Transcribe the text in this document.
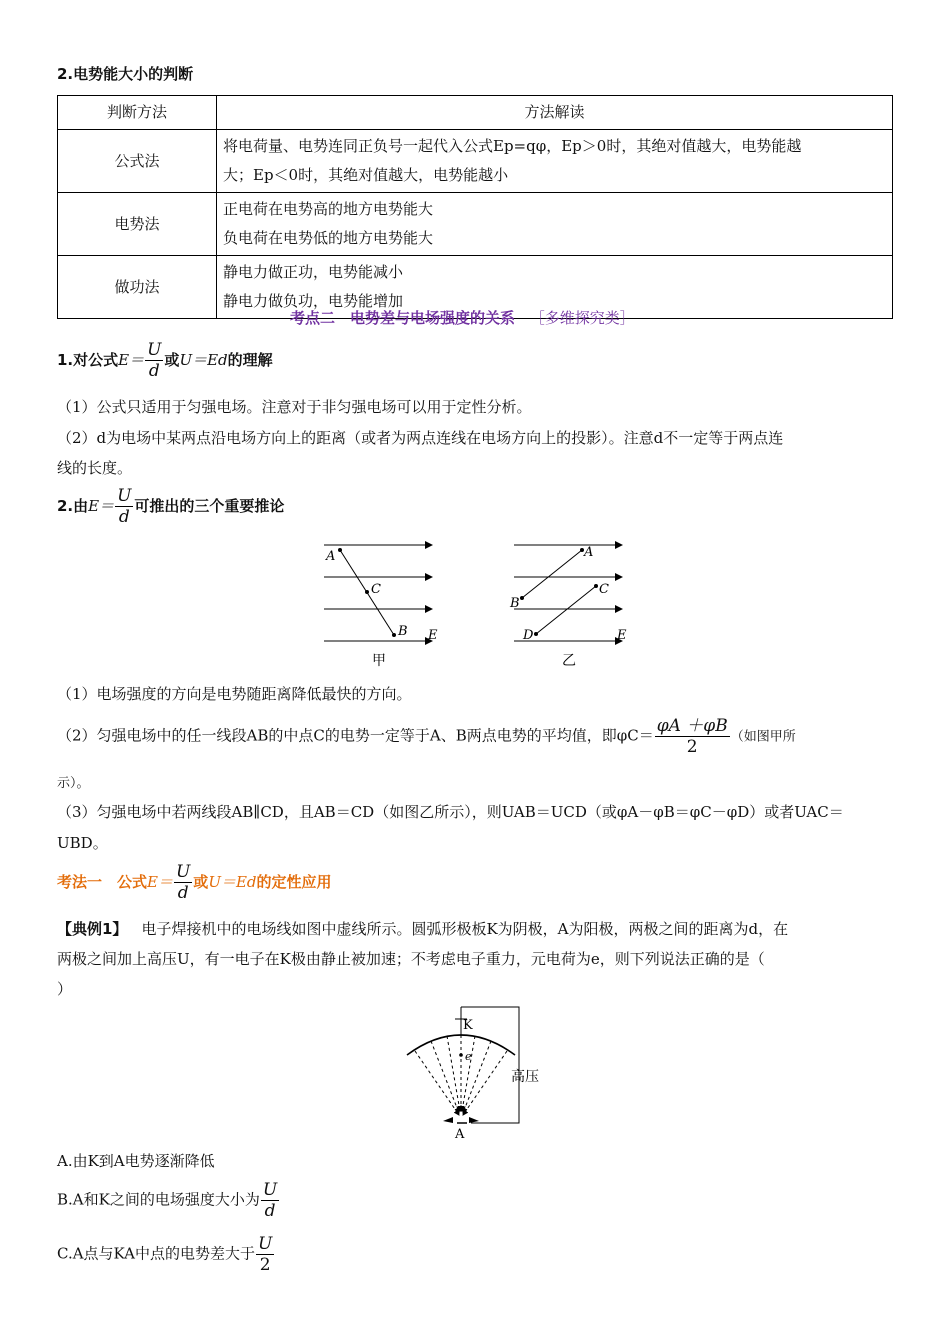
2.电势能大小的判断
判断方法	方法解读
公式法	将电荷量、电势连同正负号一起代入公式Ep=qφ，Ep＞0时，其绝对值越大，电势能越
大；Ep＜0时，其绝对值越大，电势能越小

电势法	正电荷在电势高的地方电势能大
负电荷在电势低的地方电势能大

做功法	静电力做正功，电势能减小
静电力做负功，电势能增加
考点二　电势差与电场强度的关系 ［多维探究类］
1.对公式$E= \frac{U}{d}$ 或U＝Ed的理解
（1）公式只适用于匀强电场。注意对于非匀强电场可以用于定性分析。
（2）d为电场中某两点沿电场方向上的距离（或者为两点连线在电场方向上的投影）。注意d不一定等于两点连
线的长度。
2.由$E= \frac{U}{d}$ 可推出的三个重要推论
A
C
B E
甲
A
C
B
D	E
乙
（1）电场强度的方向是电势随距离降低最快的方向。
（2）匀强电场中的任一线段AB的中点C的电势一定等于A、B两点电势的平均值，即$\varphi C= \frac{\varphi A +\varphi B}{2}$ （如图甲所
示）。
（3）匀强电场中若两线段AB∥CD，且AB＝CD（如图乙所示），则UAB＝UCD（或φA－φB＝φC－φD）或者UAC＝
UBD。
考法一　公式$E= \frac{U}{d}$ 或U＝Ed的定性应用
【典例1】 电子焊接机中的电场线如图中虚线所示。圆弧形极板K为阴极，A为阳极，两极之间的距离为d，在
两极之间加上高压U，有一电子在K极由静止被加速；不考虑电子重力，元电荷为e，则下列说法正确的是（
）
K
高压
e
A
A.由K到A电势逐渐降低
B.A和K之间的电场强度大小为 $\frac{U}{d}$
C.A点与KA中点的电势差大于 $\frac{U}{2}$
